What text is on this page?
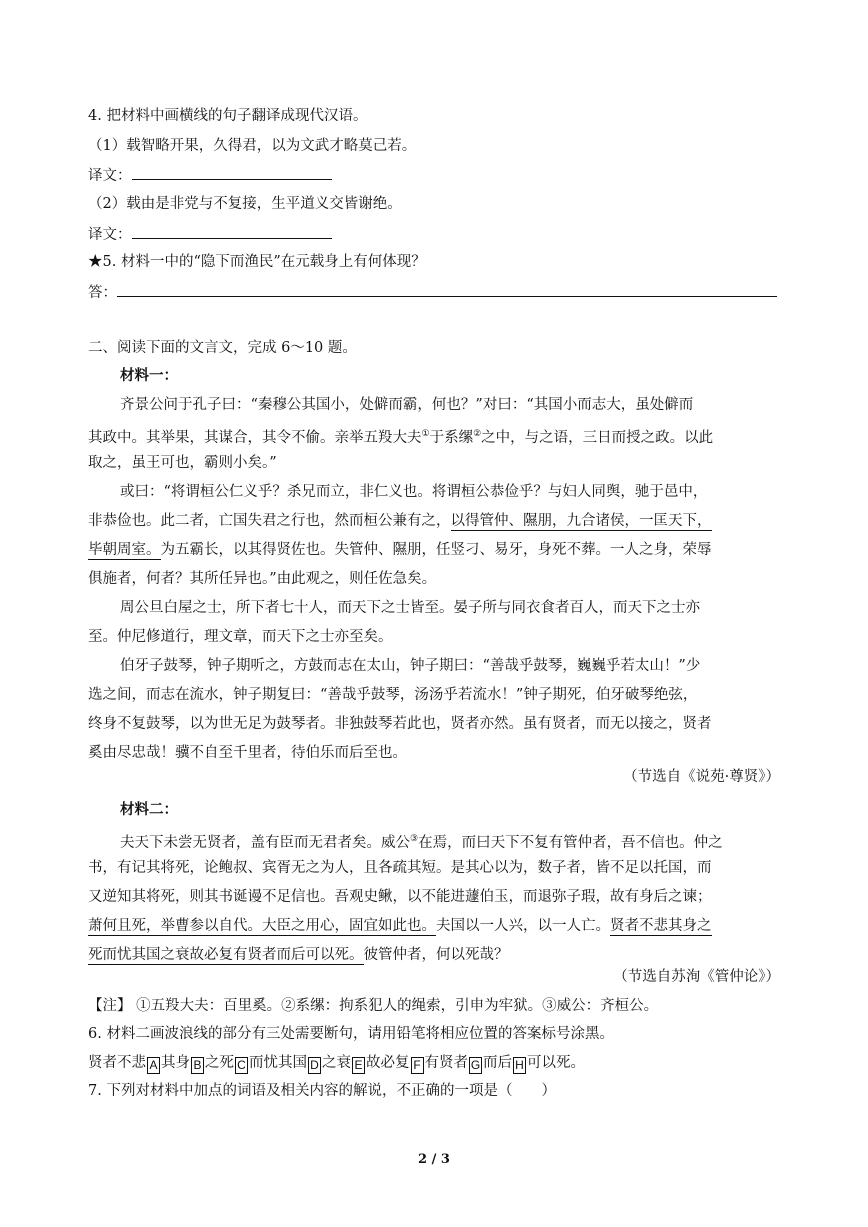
4. 把材料中画横线的句子翻译成现代汉语。
（1）载智略开果，久得君，以为文武才略莫己若。
译文：
（2）载由是非党与不复接，生平道义交皆谢绝。
译文：
★5. 材料一中的“隐下而渔民”在元载身上有何体现？
答：
二、阅读下面的文言文，完成 6～10 题。
材料一：
齐景公问于孔子曰：“秦穆公其国小，处僻而霸，何也？”对曰：“其国小而志大，虽处僻而
其政中。其举果，其谋合，其令不偷。亲举五羖大夫①于系缧②之中，与之语，三日而授之政。以此
取之，虽王可也，霸则小矣。”
或曰：“将谓桓公仁义乎？杀兄而立，非仁义也。将谓桓公恭俭乎？与妇人同舆，驰于邑中，
非恭俭也。此二者，亡国失君之行也，然而桓公兼有之，以得管仲、隰朋，九合诸侯，一匡天下，
毕朝周室。为五霸长，以其得贤佐也。失管仲、隰朋，任竖刁、易牙，身死不葬。一人之身，荣辱
俱施者，何者？其所任异也。”由此观之，则任佐急矣。
周公旦白屋之士，所下者七十人，而天下之士皆至。晏子所与同衣食者百人，而天下之士亦
至。仲尼修道行，理文章，而天下之士亦至矣。
伯牙子鼓琴，钟子期听之，方鼓而志在太山，钟子期曰：“善哉乎鼓琴，巍巍乎若太山！”少
选之间，而志在流水，钟子期复曰：“善哉乎鼓琴，汤汤乎若流水！”钟子期死，伯牙破琴绝弦，
终身不复鼓琴，以为世无足为鼓琴者。非独鼓琴若此也，贤者亦然。虽有贤者，而无以接之，贤者
奚由尽忠哉！骥不自至千里者，待伯乐而后至也。
（节选自《说苑·尊贤》）
材料二：
夫天下未尝无贤者，盖有臣而无君者矣。威公③在焉，而曰天下不复有管仲者，吾不信也。仲之
书，有记其将死，论鲍叔、宾胥无之为人，且各疏其短。是其心以为，数子者，皆不足以托国，而
又逆知其将死，则其书诞谩不足信也。吾观史鳅，以不能进蘧伯玉，而退弥子瑕，故有身后之谏；
萧何且死，举曹参以自代。大臣之用心，固宜如此也。夫国以一人兴，以一人亡。贤者不悲其身之
死而忧其国之衰故必复有贤者而后可以死。彼管仲者，何以死哉？
（节选自苏洵《管仲论》）
【注】 ①五羖大夫：百里奚。②系缧：拘系犯人的绳索，引申为牢狱。③威公：齐桓公。
6. 材料二画波浪线的部分有三处需要断句，请用铅笔将相应位置的答案标号涂黑。
贤者不悲 A 其身 B 之死 C 而忧其国 D 之衰 E 故必复 F 有贤者 G 而后 H 可以死。
7. 下列对材料中加点的词语及相关内容的解说，不正确的一项是（　　）
2 / 3
